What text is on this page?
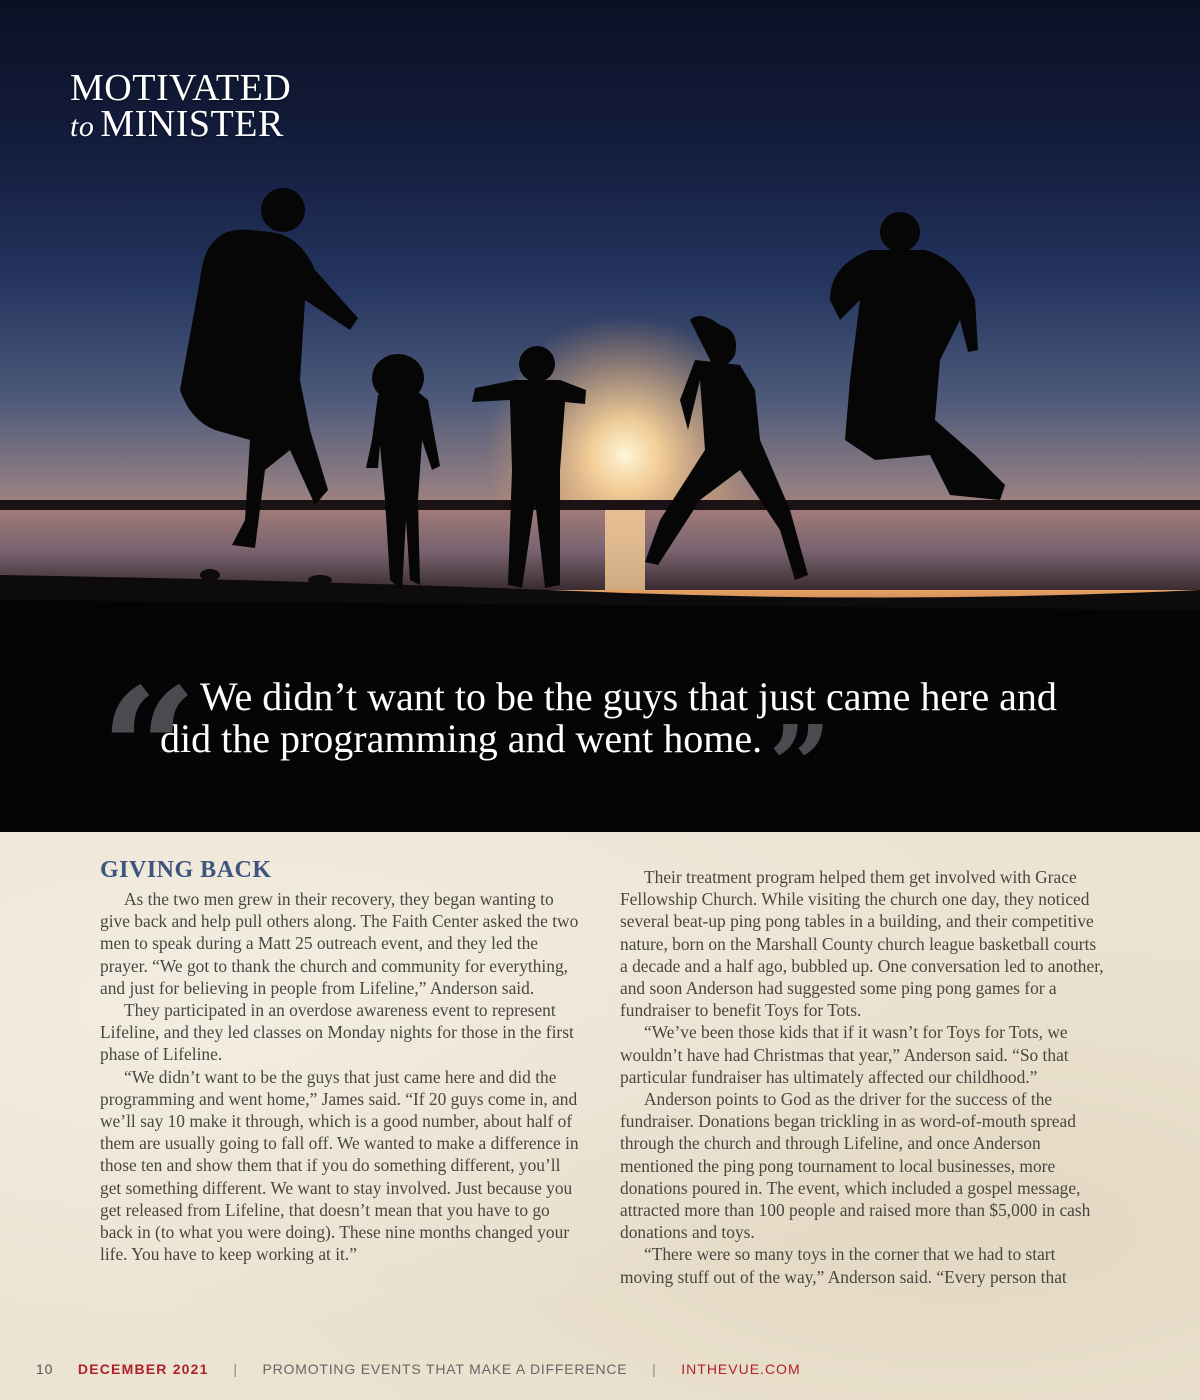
MOTIVATED
to MINISTER
“ We didn’t want to be the guys that just came here and
did the programming and went home.”
GIVING BACK

As the two men grew in their recovery, they began wanting to give back and help pull others along. The Faith Center asked the two men to speak during a Matt 25 outreach event, and they led the prayer. “We got to thank the church and community for everything, and just for believing in people from Lifeline,” Anderson said.

They participated in an overdose awareness event to represent Lifeline, and they led classes on Monday nights for those in the first phase of Lifeline.

“We didn’t want to be the guys that just came here and did the programming and went home,” James said. “If 20 guys come in, and we’ll say 10 make it through, which is a good number, about half of them are usually going to fall off. We wanted to make a difference in those ten and show them that if you do something different, you’ll get something different. We want to stay involved. Just because you get released from Lifeline, that doesn’t mean that you have to go back in (to what you were doing). These nine months changed your life. You have to keep working at it.”

Their treatment program helped them get involved with Grace Fellowship Church. While visiting the church one day, they noticed several beat-up ping pong tables in a building, and their competitive nature, born on the Marshall County church league basketball courts a decade and a half ago, bubbled up. One conversation led to another, and soon Anderson had suggested some ping pong games for a fundraiser to benefit Toys for Tots.

“We’ve been those kids that if it wasn’t for Toys for Tots, we wouldn’t have had Christmas that year,” Anderson said. “So that particular fundraiser has ultimately affected our childhood.”

Anderson points to God as the driver for the success of the fundraiser. Donations began trickling in as word-of-mouth spread through the church and through Lifeline, and once Anderson mentioned the ping pong tournament to local businesses, more donations poured in. The event, which included a gospel message, attracted more than 100 people and raised more than $5,000 in cash donations and toys.

“There were so many toys in the corner that we had to start moving stuff out of the way,” Anderson said. “Every person that

10 DECEMBER 2021 | PROMOTING EVENTS THAT MAKE A DIFFERENCE | INTHEVUE.COM
